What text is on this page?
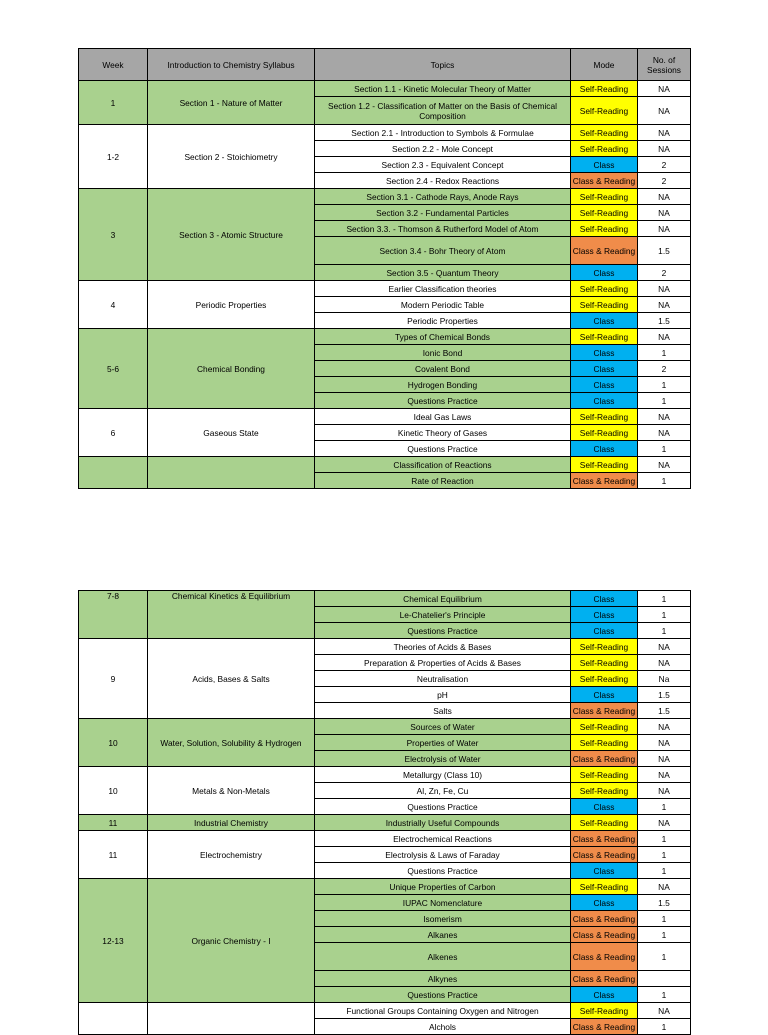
Week	Introduction to Chemistry Syllabus	Topics	Mode	No. of Sessions
1	Section 1 - Nature of Matter	Section 1.1 - Kinetic Molecular Theory of Matter	Self-Reading	NA
		Section 1.2 - Classification of Matter on the Basis of Chemical Composition	Self-Reading	NA
1-2	Section 2 - Stoichiometry	Section 2.1 - Introduction to Symbols & Formulae	Self-Reading	NA
		Section 2.2 - Mole Concept	Self-Reading	NA
		Section 2.3 - Equivalent Concept	Class	2
		Section 2.4 - Redox Reactions	Class & Reading	2
3	Section 3 - Atomic Structure	Section 3.1 - Cathode Rays, Anode Rays	Self-Reading	NA
		Section 3.2 - Fundamental Particles	Self-Reading	NA
		Section 3.3. - Thomson & Rutherford Model of Atom	Self-Reading	NA
		Section 3.4 - Bohr Theory of Atom	Class & Reading	1.5
		Section 3.5 - Quantum Theory	Class	2
4	Periodic Properties	Earlier Classification theories	Self-Reading	NA
		Modern Periodic Table	Self-Reading	NA
		Periodic Properties	Class	1.5
5-6	Chemical Bonding	Types of Chemical Bonds	Self-Reading	NA
		Ionic Bond	Class	1
		Covalent Bond	Class	2
		Hydrogen Bonding	Class	1
		Questions Practice	Class	1
6	Gaseous State	Ideal Gas Laws	Self-Reading	NA
		Kinetic Theory of Gases	Self-Reading	NA
		Questions Practice	Class	1
		Classification of Reactions	Self-Reading	NA
		Rate of Reaction	Class & Reading	1
7-8	Chemical Kinetics & Equilibrium	Chemical Equilibrium	Class	1
		Le-Chatelier's Principle	Class	1
		Questions Practice	Class	1
9	Acids, Bases & Salts	Theories of Acids & Bases	Self-Reading	NA
		Preparation & Properties of Acids & Bases	Self-Reading	NA
		Neutralisation	Self-Reading	Na
		pH	Class	1.5
		Salts	Class & Reading	1.5
10	Water, Solution, Solubility & Hydrogen	Sources of Water	Self-Reading	NA
		Properties of Water	Self-Reading	NA
		Electrolysis of Water	Class & Reading	NA
10	Metals & Non-Metals	Metallurgy (Class 10)	Self-Reading	NA
		Al, Zn, Fe, Cu	Self-Reading	NA
		Questions Practice	Class	1
11	Industrial Chemistry	Industrially Useful Compounds	Self-Reading	NA
11	Electrochemistry	Electrochemical Reactions	Class & Reading	1
		Electrolysis & Laws of Faraday	Class & Reading	1
		Questions Practice	Class	1
12-13	Organic Chemistry - I	Unique Properties of Carbon	Self-Reading	NA
		IUPAC Nomenclature	Class	1.5
		Isomerism	Class & Reading	1
		Alkanes	Class & Reading	1
		Alkenes	Class & Reading	1
		Alkynes	Class & Reading	
		Questions Practice	Class	1
		Functional Groups Containing Oxygen and Nitrogen	Self-Reading	NA
		Alchols	Class & Reading	1
